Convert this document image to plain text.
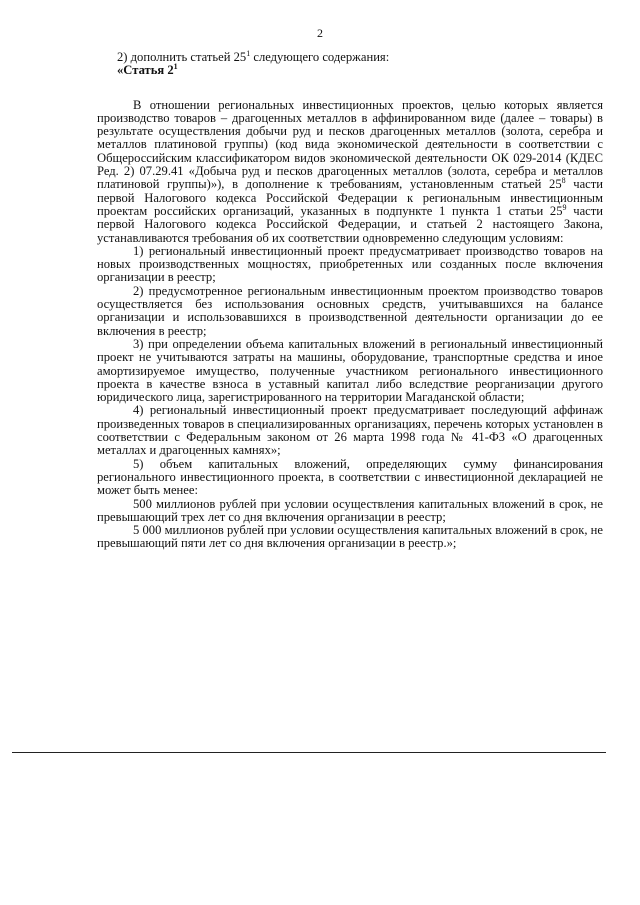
2

2) дополнить статьей $25^1$ следующего содержания:

«Статья $2^1$

В отношении региональных инвестиционных проектов, целью которых является производство товаров – драгоценных металлов в аффинированном виде (далее – товары) в результате осуществления добычи руд и песков драгоценных металлов (золота, серебра и металлов платиновой группы) (код вида экономической деятельности в соответствии с Общероссийским классификатором видов экономической деятельности ОК 029-2014 (КДЕС Ред. 2) 07.29.41 «Добыча руд и песков драгоценных металлов (золота, серебра и металлов платиновой группы)»), в дополнение к требованиям, установленным статьей $25^8$ части первой Налогового кодекса Российской Федерации к региональным инвестиционным проектам российских организаций, указанных в подпункте 1 пункта 1 статьи $25^9$ части первой Налогового кодекса Российской Федерации, и статьей 2 настоящего Закона, устанавливаются требования об их соответствии одновременно следующим условиям:

1) региональный инвестиционный проект предусматривает производство товаров на новых производственных мощностях, приобретенных или созданных после включения организации в реестр;

2) предусмотренное региональным инвестиционным проектом производство товаров осуществляется без использования основных средств, учитывавшихся на балансе организации и использовавшихся в производственной деятельности организации до ее включения в реестр;

3) при определении объема капитальных вложений в региональный инвестиционный проект не учитываются затраты на машины, оборудование, транспортные средства и иное амортизируемое имущество, полученные участником регионального инвестиционного проекта в качестве взноса в уставный капитал либо вследствие реорганизации другого юридического лица, зарегистрированного на территории Магаданской области;

4) региональный инвестиционный проект предусматривает последующий аффинаж произведенных товаров в специализированных организациях, перечень которых установлен в соответствии с Федеральным законом от 26 марта 1998 года № 41-ФЗ «О драгоценных металлах и драгоценных камнях»;

5) объем капитальных вложений, определяющих сумму финансирования регионального инвестиционного проекта, в соответствии с инвестиционной декларацией не может быть менее:

500 миллионов рублей при условии осуществления капитальных вложений в срок, не превышающий трех лет со дня включения организации в реестр;

5 000 миллионов рублей при условии осуществления капитальных вложений в срок, не превышающий пяти лет со дня включения организации в реестр.»;
